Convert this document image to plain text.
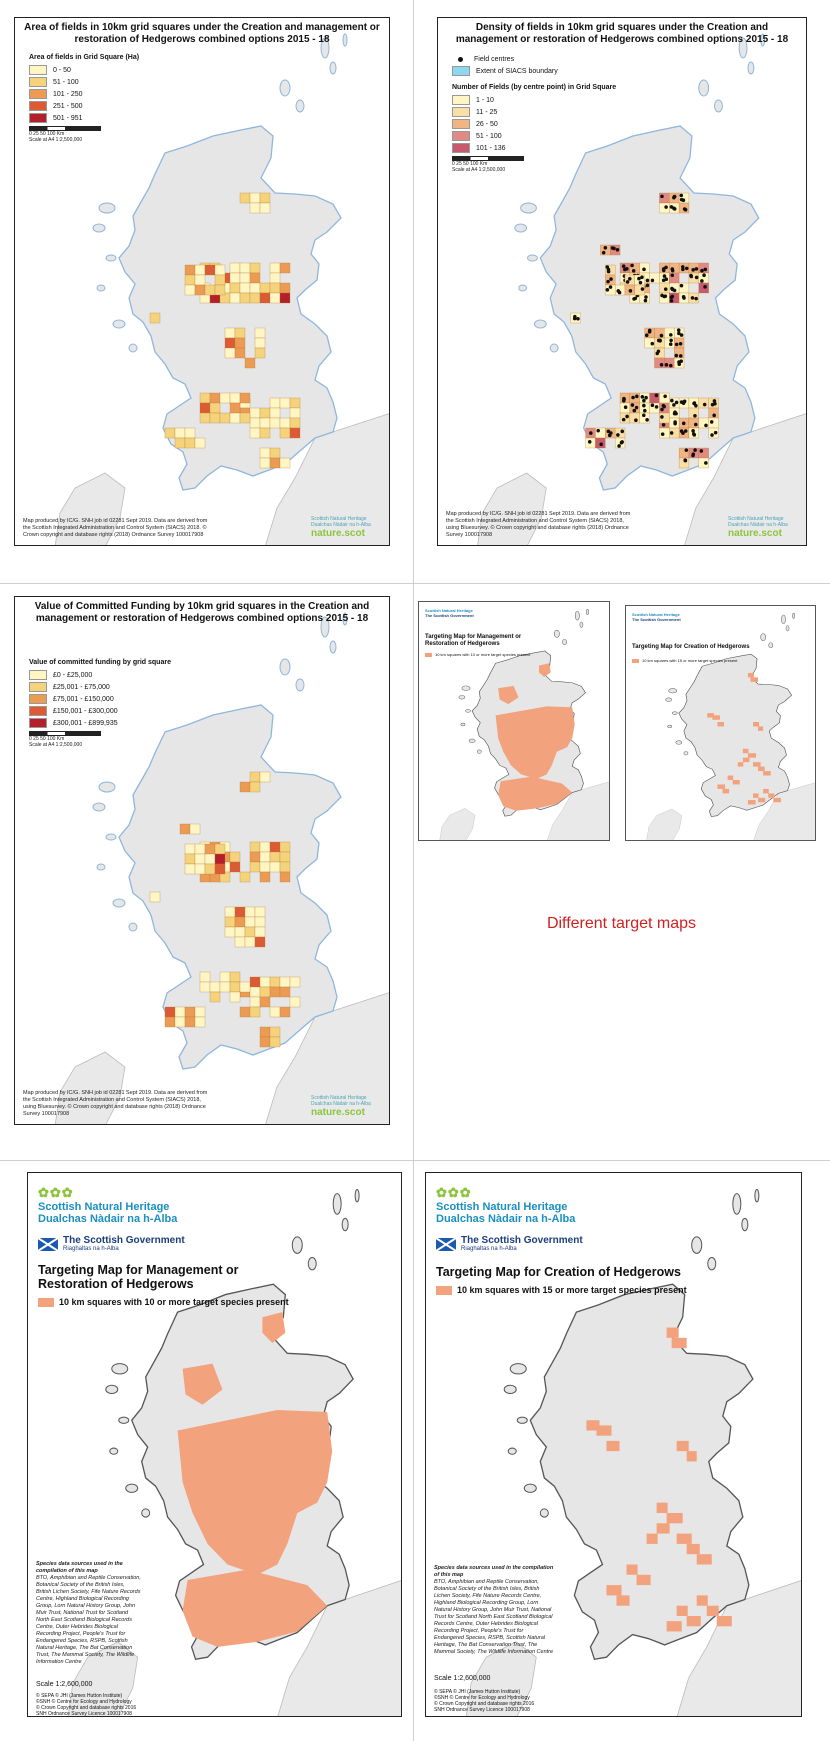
Area of fields in 10km grid squares under the Creation and management or restoration of Hedgerows combined options 2015 - 18
Area of fields in Grid Square (Ha)
0 - 50
51 - 100
101 - 250
251 - 500
501 - 951
0 25 50 100 Km
Scale at A4 1:2,500,000
Map produced by IC/G. SNH job id 02281 Sept 2019. Data are derived from the Scottish Integrated Administration and Control System (SIACS) 2018. © Crown copyright and database rights (2018) Ordnance Survey 100017908
Scottish Natural Heritage Dualchas Nàdair na h-Alba
nature.scot
Density of fields in 10km grid squares under the Creation and management or restoration of Hedgerows combined options 2015 - 18
Field centres
Extent of SIACS boundary
Number of Fields (by centre point) in Grid Square
1 - 10
11 - 25
26 - 50
51 - 100
101 - 136
0 25 50 100 Km
Scale at A4 1:2,500,000
Map produced by IC/G. SNH job id 02281 Sept 2019. Data are derived from the Scottish Integrated Administration and Control System (SIACS) 2018, using Bluesurvey. © Crown copyright and database rights (2018) Ordnance Survey 100017908
Scottish Natural Heritage Dualchas Nàdair na h-Alba
nature.scot
Value of Committed Funding by 10km grid squares in the Creation and management or restoration of Hedgerows combined options 2015 - 18
Value of committed funding by grid square
£0 - £25,000
£25,001 - £75,000
£75,001 - £150,000
£150,001 - £300,000
£300,001 - £899,935
0 25 50 100 Km
Scale at A4 1:2,500,000
Map produced by IC/G. SNH job id 02281 Sept 2019. Data are derived from the Scottish Integrated Administration and Control System (SIACS) 2018, using Bluesurvey. © Crown copyright and database rights (2018) Ordnance Survey 100017908
Scottish Natural Heritage Dualchas Nàdair na h-Alba
nature.scot
Scottish Natural Heritage
The Scottish Government
Targeting Map for Management or Restoration of Hedgerows
10 km squares with 10 or more target species present
Scottish Natural Heritage
The Scottish Government
Targeting Map for Creation of Hedgerows
10 km squares with 15 or more target species present
Different target maps
✿✿✿
Scottish Natural Heritage
Dualchas Nàdair na h-Alba
The Scottish Government
Riaghaltas na h-Alba
Targeting Map for Management or Restoration of Hedgerows
10 km squares with 10 or more target species present
Species data sources used in the compilation of this map
BTO, Amphibian and Reptile Conservation, Botanical Society of the British Isles, British Lichen Society, Fife Nature Records Centre, Highland Biological Recording Group, Lorn Natural History Group, John Muir Trust, National Trust for Scotland North East Scotland Biological Records Centre, Outer Hebrides Biological Recording Project, People's Trust for Endangered Species, RSPB, Scottish Natural Heritage, The Bat Conservation Trust, The Mammal Society, The Wildlife Information Centre
Scale 1:2,600,000
© SEPA © JHI (James Hutton Institute)
©SNH © Centre for Ecology and Hydrology
© Crown Copyright and database rights 2016
SNH Ordnance Survey Licence 100017908
✿✿✿
Scottish Natural Heritage
Dualchas Nàdair na h-Alba
The Scottish Government
Riaghaltas na h-Alba
Targeting Map for Creation of Hedgerows
10 km squares with 15 or more target species present
Species data sources used in the compilation of this map
BTO, Amphibian and Reptile Conservation, Botanical Society of the British Isles, British Lichen Society, Fife Nature Records Centre, Highland Biological Recording Group, Lorn Natural History Group, John Muir Trust, National Trust for Scotland North East Scotland Biological Records Centre, Outer Hebrides Biological Recording Project, People's Trust for Endangered Species, RSPB, Scottish Natural Heritage, The Bat Conservation Trust, The Mammal Society, The Wildlife Information Centre
Scale 1:2,600,000
© SEPA © JHI (James Hutton Institute)
©SNH © Centre for Ecology and Hydrology
© Crown Copyright and database rights 2016
SNH Ordnance Survey Licence 100017908
